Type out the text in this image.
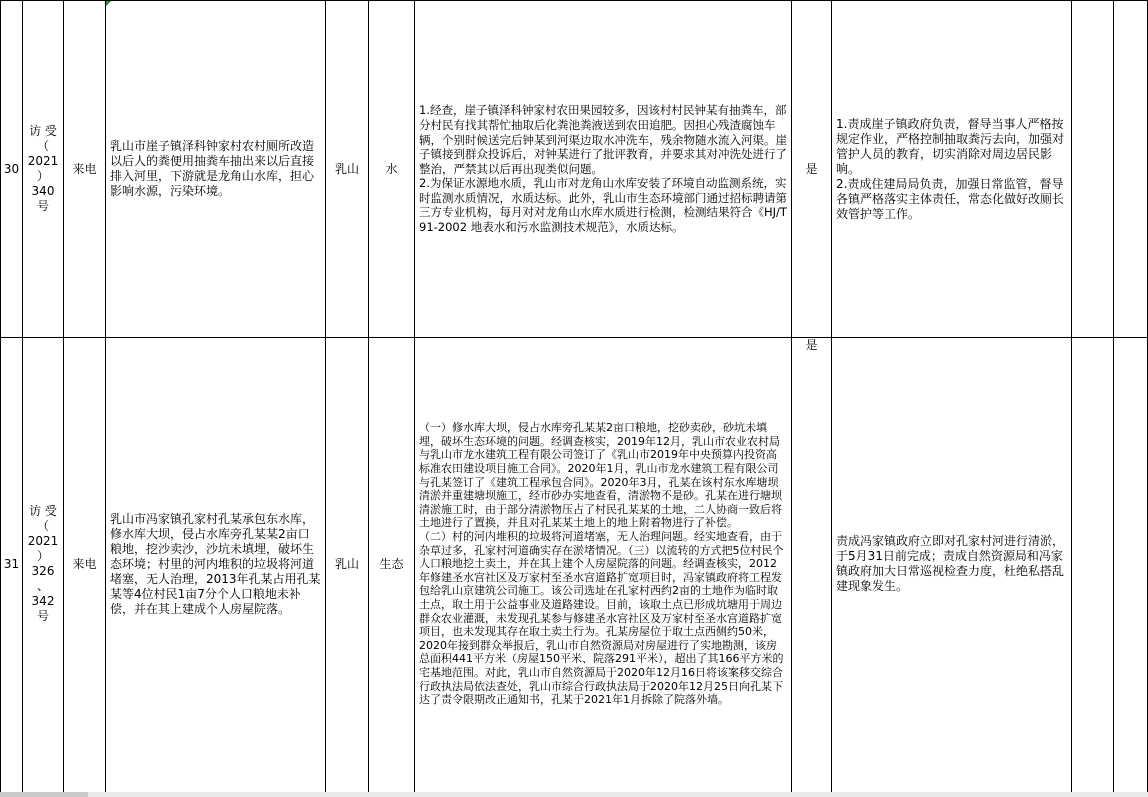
30
访 受 （ 2021 ）340 号
来电
乳山市崖子镇泽科钟家村农村厕所改造以后人的粪便用抽粪车抽出来以后直接排入河里，下游就是龙角山水库，担心影响水源，污染环境。
乳山 水
1.经查，崖子镇泽科钟家村农田果园较多，因该村村民钟某有抽粪车，部分村民有找其帮忙抽取后化粪池粪液送到农田追肥。因担心残渣腐蚀车辆，个别时候送完后钟某到河渠边取水冲洗车，残余物随水流入河渠。崖子镇接到群众投诉后，对钟某进行了批评教育，并要求其对冲洗处进行了整治，严禁其以后再出现类似问题。
2.为保证水源地水质，乳山市对龙角山水库安装了环境自动监测系统，实时监测水质情况，水质达标。此外，乳山市生态环境部门通过招标聘请第三方专业机构，每月对对龙角山水库水质进行检测，检测结果符合《HJ/T 91-2002 地表水和污水监测技术规范》，水质达标。
是
1.责成崖子镇政府负责，督导当事人严格按规定作业，严格控制抽取粪污去向，加强对管护人员的教育，切实消除对周边居民影响。
2.责成住建局局负责，加强日常监管，督导各镇严格落实主体责任，常态化做好改厕长效管护等工作。
31
访 受 （ 2021 ）326 、342 号
来电
乳山市冯家镇孔家村孔某承包东水库，修水库大坝，侵占水库旁孔某某2亩口粮地，挖沙卖沙，沙坑未填埋，破坏生态环境；村里的河内堆积的垃圾将河道堵塞，无人治理，2013年孔某占用孔某某等4位村民1亩7分个人口粮地未补偿，并在其上建成个人房屋院落。
乳山 生态
（一）修水库大坝，侵占水库旁孔某某2亩口粮地，挖砂卖砂，砂坑未填埋，破坏生态环境的问题。经调查核实，2019年12月，乳山市农业农村局与乳山市龙水建筑工程有限公司签订了《乳山市2019年中央预算内投资高标准农田建设项目施工合同》。2020年1月，乳山市龙水建筑工程有限公司与孔某签订了《建筑工程承包合同》。2020年3月，孔某在该村东水库塘坝清淤并重建塘坝施工，经市砂办实地查看，清淤物不是砂。孔某在进行塘坝清淤施工时，由于部分清淤物压占了村民孔某某的土地，二人协商一致后将土地进行了置换，并且对孔某某土地上的地上附着物进行了补偿。
（二）村的河内堆积的垃圾将河道堵塞，无人治理问题。经实地查看，由于杂草过多，孔家村河道确实存在淤堵情况。（三）以流转的方式把5位村民个人口粮地挖土卖土，并在其上建个人房屋院落的问题。经调查核实，2012年修建圣水宫社区及万家村至圣水宫道路扩宽项目时，冯家镇政府将工程发包给乳山京建筑公司施工。该公司选址在孔家村西约2亩的土地作为临时取土点，取土用于公益事业及道路建设。目前，该取土点已形成坑塘用于周边群众农业灌溉，未发现孔某参与修建圣水宫社区及万家村至圣水宫道路扩宽项目，也未发现其存在取土卖土行为。孔某房屋位于取土点西侧约50米，2020年接到群众举报后，乳山市自然资源局对房屋进行了实地勘测，该房总面积441平方米（房屋150平米、院落291平米），超出了其166平方米的宅基地范围。对此，乳山市自然资源局于2020年12月16日将该案移交综合行政执法局依法查处，乳山市综合行政执法局于2020年12月25日向孔某下达了责令限期改正通知书，孔某于2021年1月拆除了院落外墙。
是
责成冯家镇政府立即对孔家村河进行清淤，于5月31日前完成；责成自然资源局和冯家镇政府加大日常巡视检查力度，杜绝私搭乱建现象发生。
